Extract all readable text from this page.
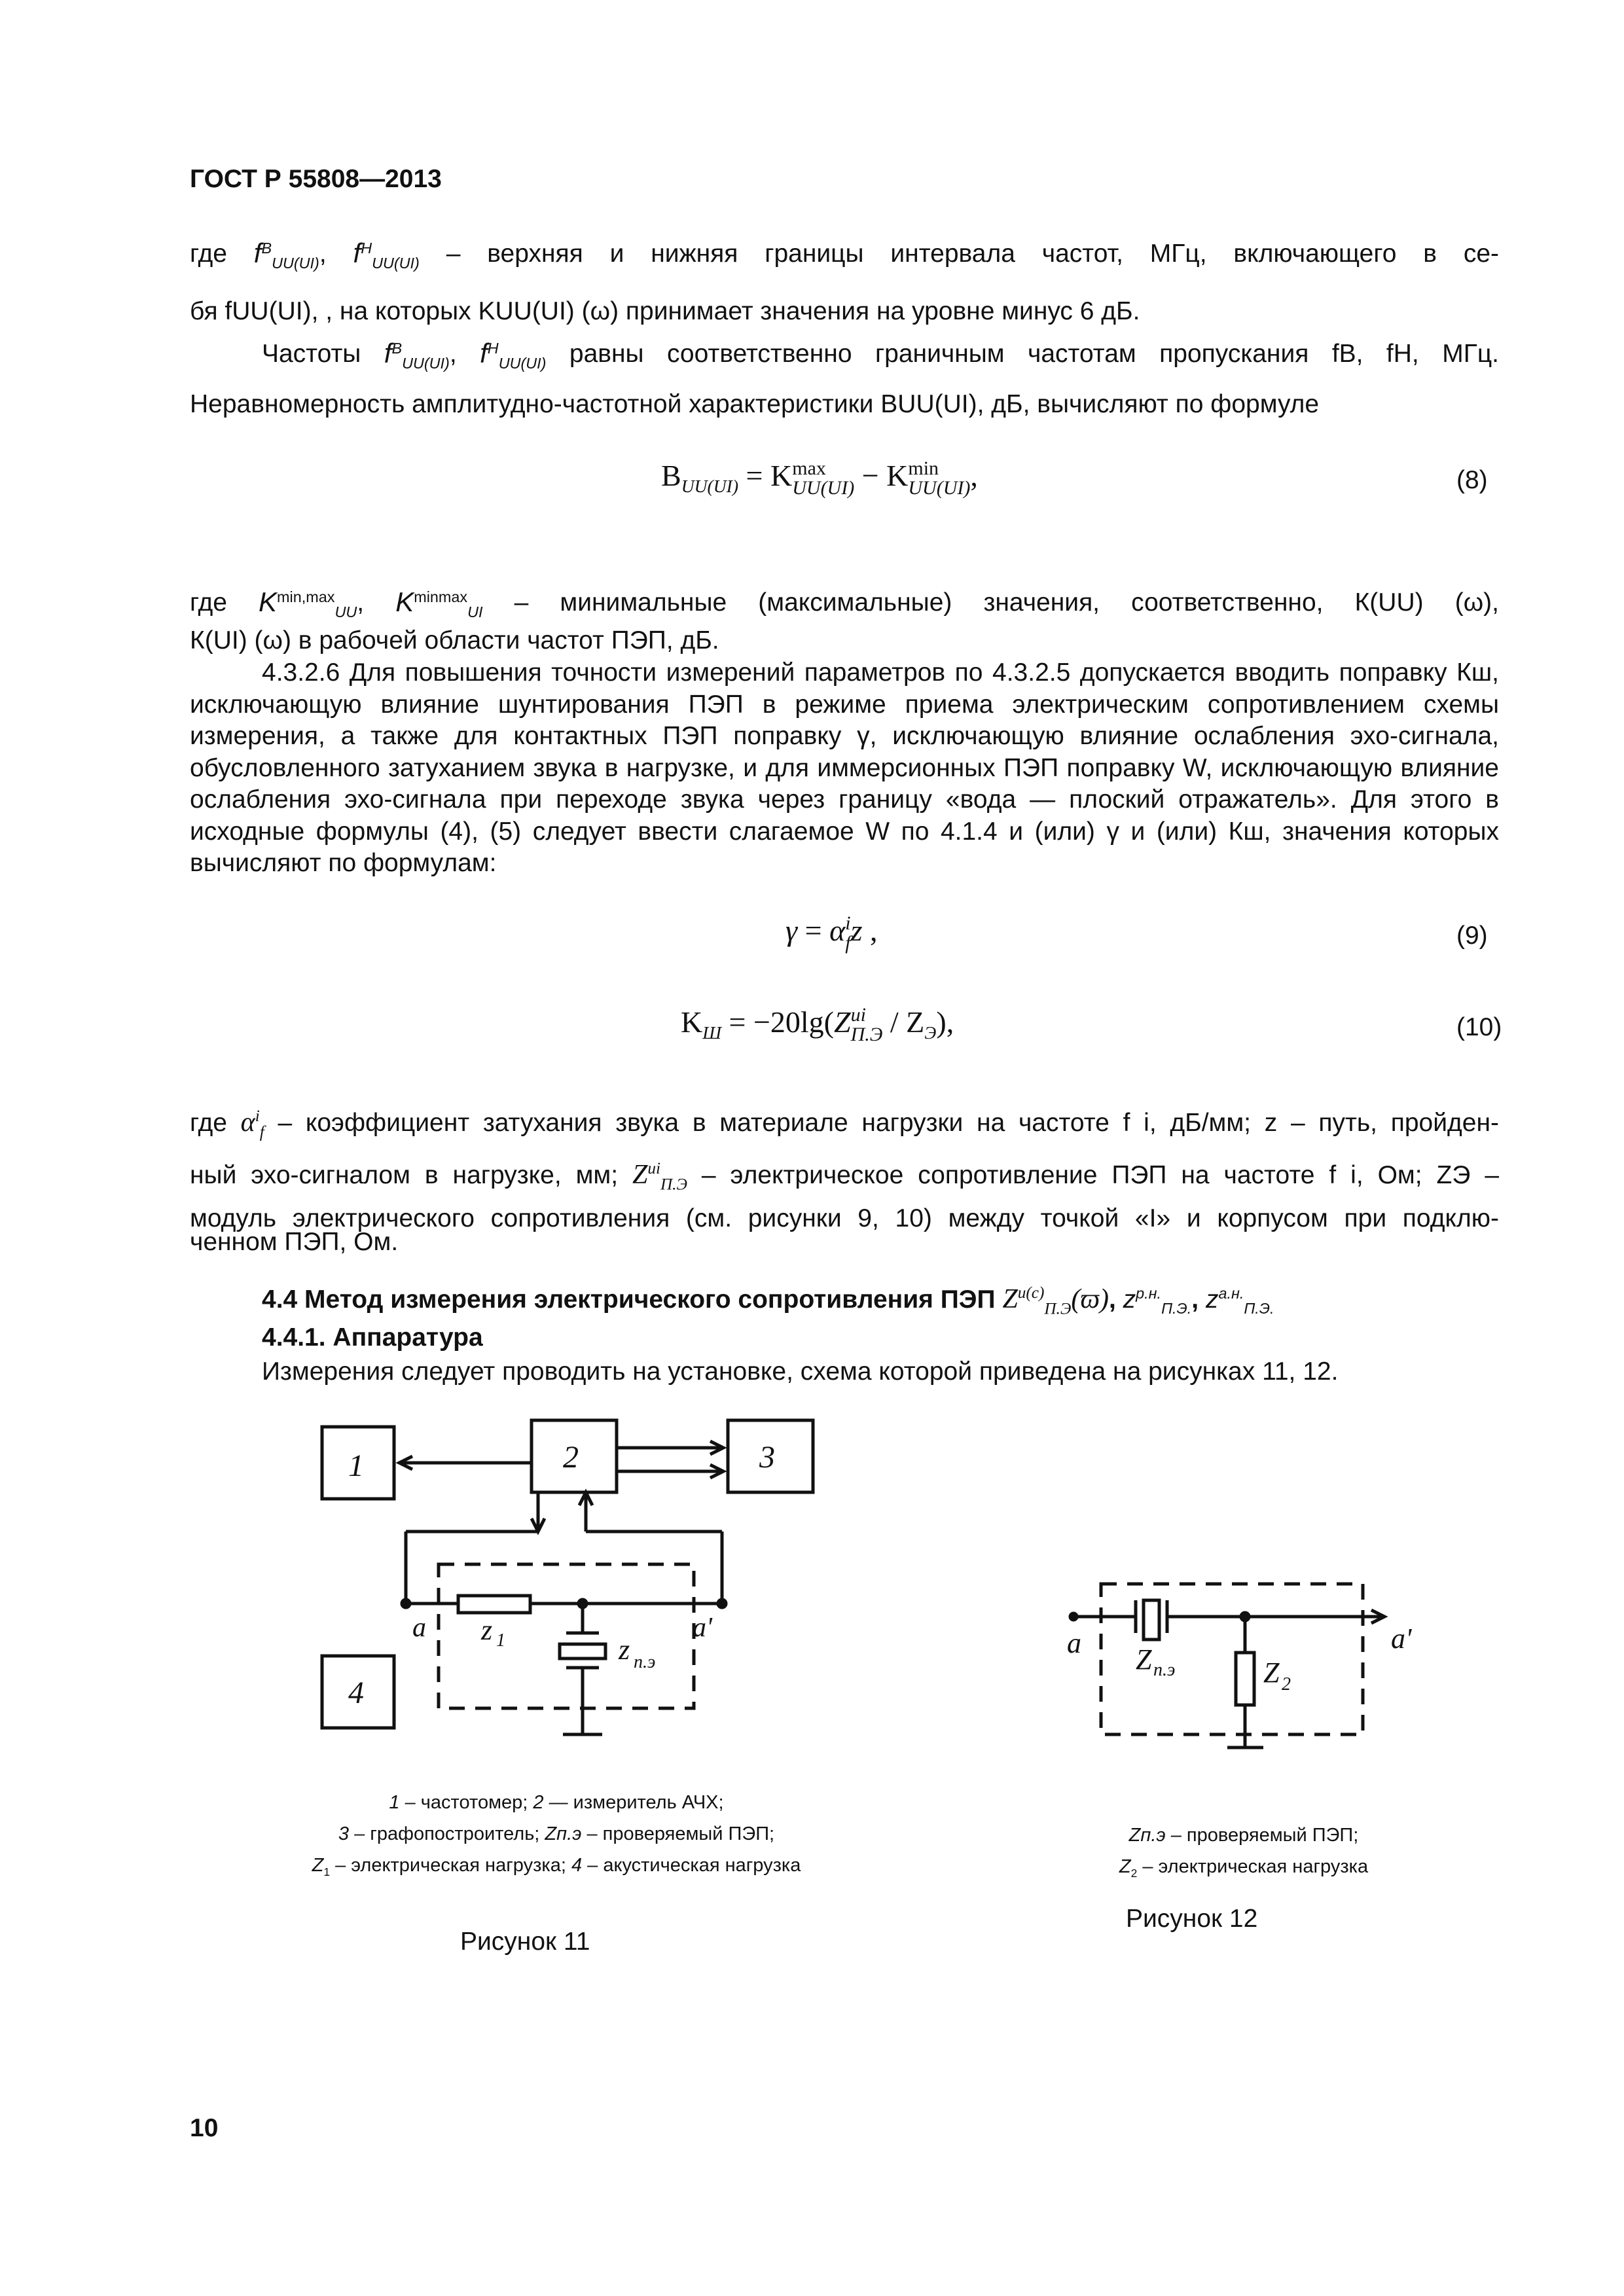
ГОСТ Р 55808—2013
где $f^B_{UU(UI)}$, $f^H_{UU(UI)}$ – верхняя и нижняя границы интервала частот, МГц, включающего в се-
бя fUU(UI), , на которых KUU(UI) (ω) принимает значения на уровне минус 6 дБ.
Частоты $f^B_{UU(UI)}$, $f^H_{UU(UI)}$ равны соответственно граничным частотам пропускания fB, fH, МГц.
Неравномерность амплитудно-частотной характеристики BUU(UI), дБ, вычисляют по формуле
$B_{UU(UI)} = K$ max
UU(UI) − K min
UU(UI) ,	(8)
где $K^{min,max}_{UU}$, $K^{minmax}_{UI}$ – минимальные (максимальные) значения, соответственно, К(UU) (ω),
К(UI) (ω) в рабочей области частот ПЭП, дБ.
4.3.2.6 Для повышения точности измерений параметров по 4.3.2.5 допускается вводить поправку Кш, исключающую влияние шунтирования ПЭП в режиме приема электрическим сопротивлением схемы измерения, а также для контактных ПЭП поправку γ, исключающую влияние ослабления эхо-сигнала, обусловленного затуханием звука в нагрузке, и для иммерсионных ПЭП поправку W, исключающую влияние ослабления эхо-сигнала при переходе звука через границу «вода — плоский отражатель». Для этого в исходные формулы (4), (5) следует ввести слагаемое W по 4.1.4 и (или) γ и (или) Кш, значения которых вычисляют по формулам:
γ = α i
f z ,	(9)
$K_Ш = -20\lg(Z$ иi
$П.Э / Z_Э$),	(10)
где $\alpha^i_f$ – коэффициент затухания звука в материале нагрузки на частоте f i, дБ/мм; z – путь, пройден-
ный эхо-сигналом в нагрузке, мм; $Z^{иi}_{П.Э}$ – электрическое сопротивление ПЭП на частоте f i, Ом; ZЭ –
модуль электрического сопротивления (см. рисунки 9, 10) между точкой «I» и корпусом при подклю-
ченном ПЭП, Ом.
4.4 Метод измерения электрического сопротивления ПЭП $Z^{и(с)}_{П.Э}(ϖ)$, $z^{р.н.}_{П.Э.}$, $z^{а.н.}_{П.Э.}$
4.4.1. Аппаратура
Измерения следует проводить на установке, схема которой приведена на рисунках 11, 12.
1	2	3
4
a	a'
z 1	z п.э
1 – частотомер; 2 — измеритель АЧХ;
3 – графопостроитель; Zп.э – проверяемый ПЭП;
$Z_1$ – электрическая нагрузка; 4 – акустическая нагрузка
Рисунок 11
a	a'
Z п.э	Z 2
Zп.э – проверяемый ПЭП;
$Z_2$ – электрическая нагрузка
Рисунок 12
10
